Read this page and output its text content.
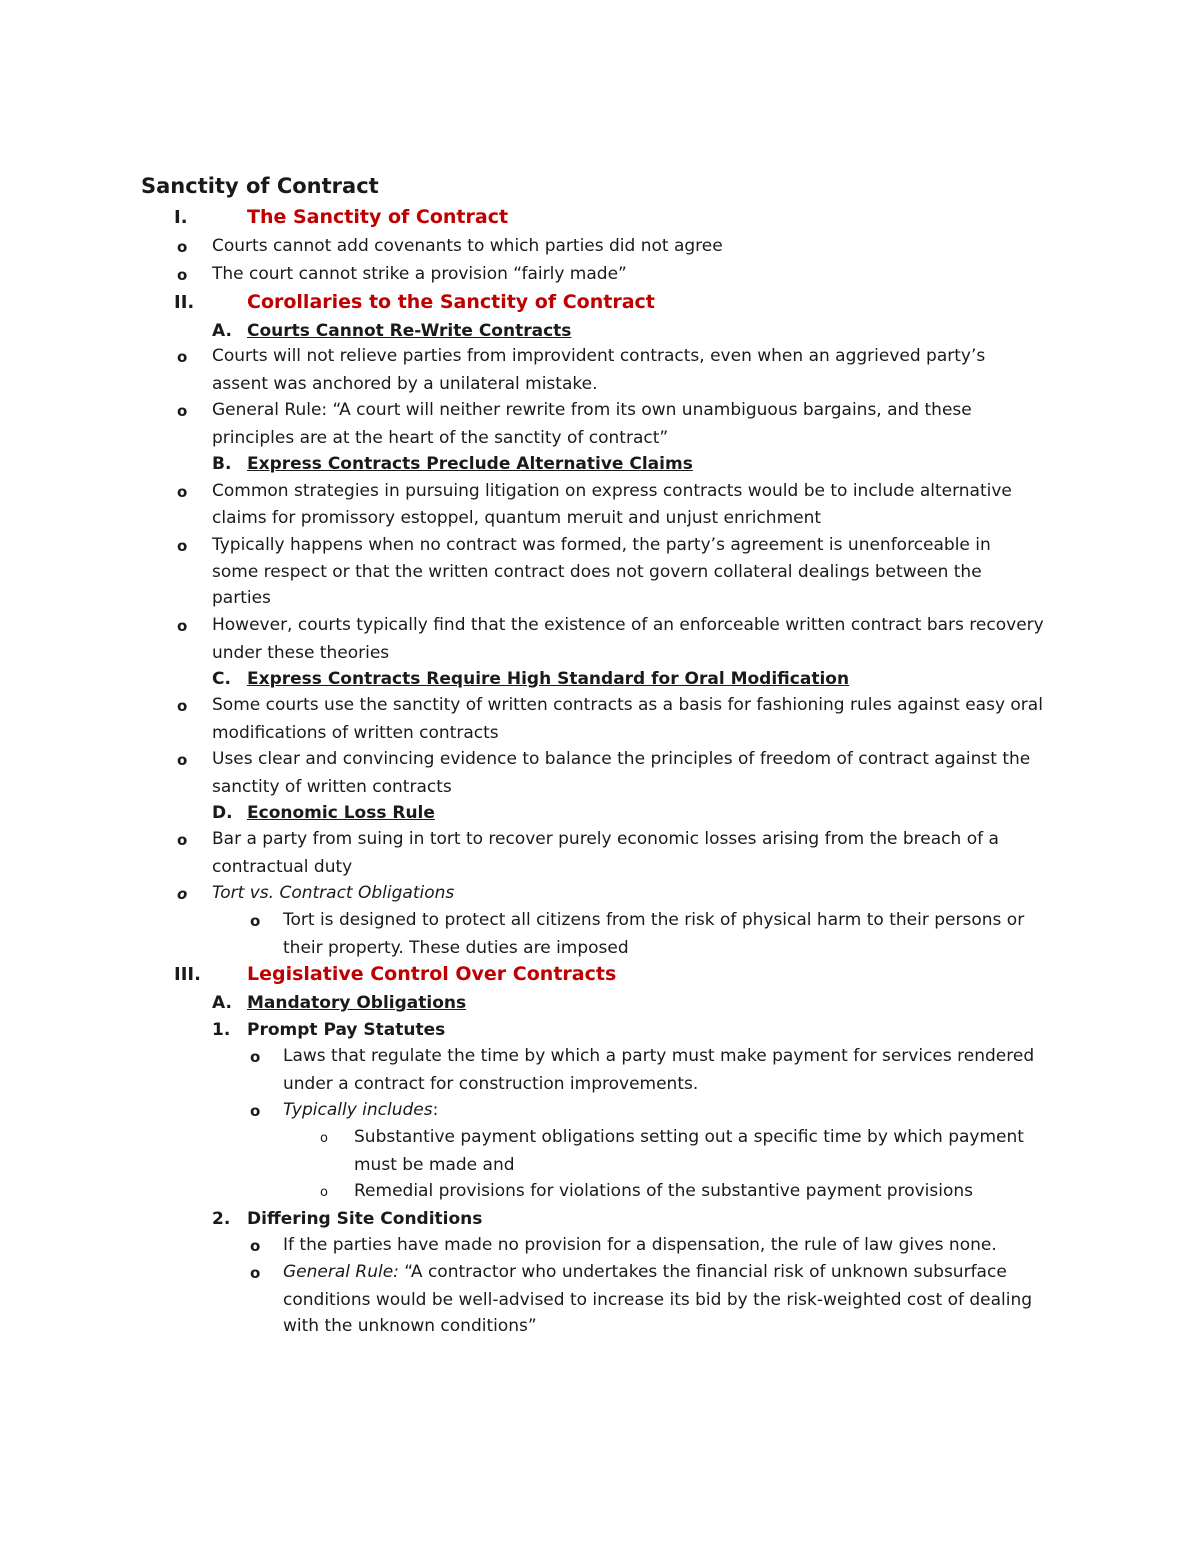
Sanctity of Contract
I.	The Sanctity of Contract
o Courts cannot add covenants to which parties did not agree
o The court cannot strike a provision “fairly made”
II.	Corollaries to the Sanctity of Contract
A. Courts Cannot Re-Write Contracts
o Courts will not relieve parties from improvident contracts, even when an aggrieved party’s
assent was anchored by a unilateral mistake.
o General Rule: “A court will neither rewrite from its own unambiguous bargains, and these
principles are at the heart of the sanctity of contract”
B. Express Contracts Preclude Alternative Claims
o Common strategies in pursuing litigation on express contracts would be to include alternative
claims for promissory estoppel, quantum meruit and unjust enrichment
o Typically happens when no contract was formed, the party’s agreement is unenforceable in
some respect or that the written contract does not govern collateral dealings between the
parties
o However, courts typically find that the existence of an enforceable written contract bars recovery
under these theories
C. Express Contracts Require High Standard for Oral Modification
o Some courts use the sanctity of written contracts as a basis for fashioning rules against easy oral
modifications of written contracts
o Uses clear and convincing evidence to balance the principles of freedom of contract against the
sanctity of written contracts
D. Economic Loss Rule
o Bar a party from suing in tort to recover purely economic losses arising from the breach of a
contractual duty
o Tort vs. Contract Obligations
o Tort is designed to protect all citizens from the risk of physical harm to their persons or
their property. These duties are imposed
III. Legislative Control Over Contracts
A. Mandatory Obligations
1. Prompt Pay Statutes
o Laws that regulate the time by which a party must make payment for services rendered
under a contract for construction improvements.
o Typically includes:
o Substantive payment obligations setting out a specific time by which payment
must be made and
o Remedial provisions for violations of the substantive payment provisions
2. Differing Site Conditions
o If the parties have made no provision for a dispensation, the rule of law gives none.
o General Rule: “A contractor who undertakes the financial risk of unknown subsurface
conditions would be well-advised to increase its bid by the risk-weighted cost of dealing
with the unknown conditions”
